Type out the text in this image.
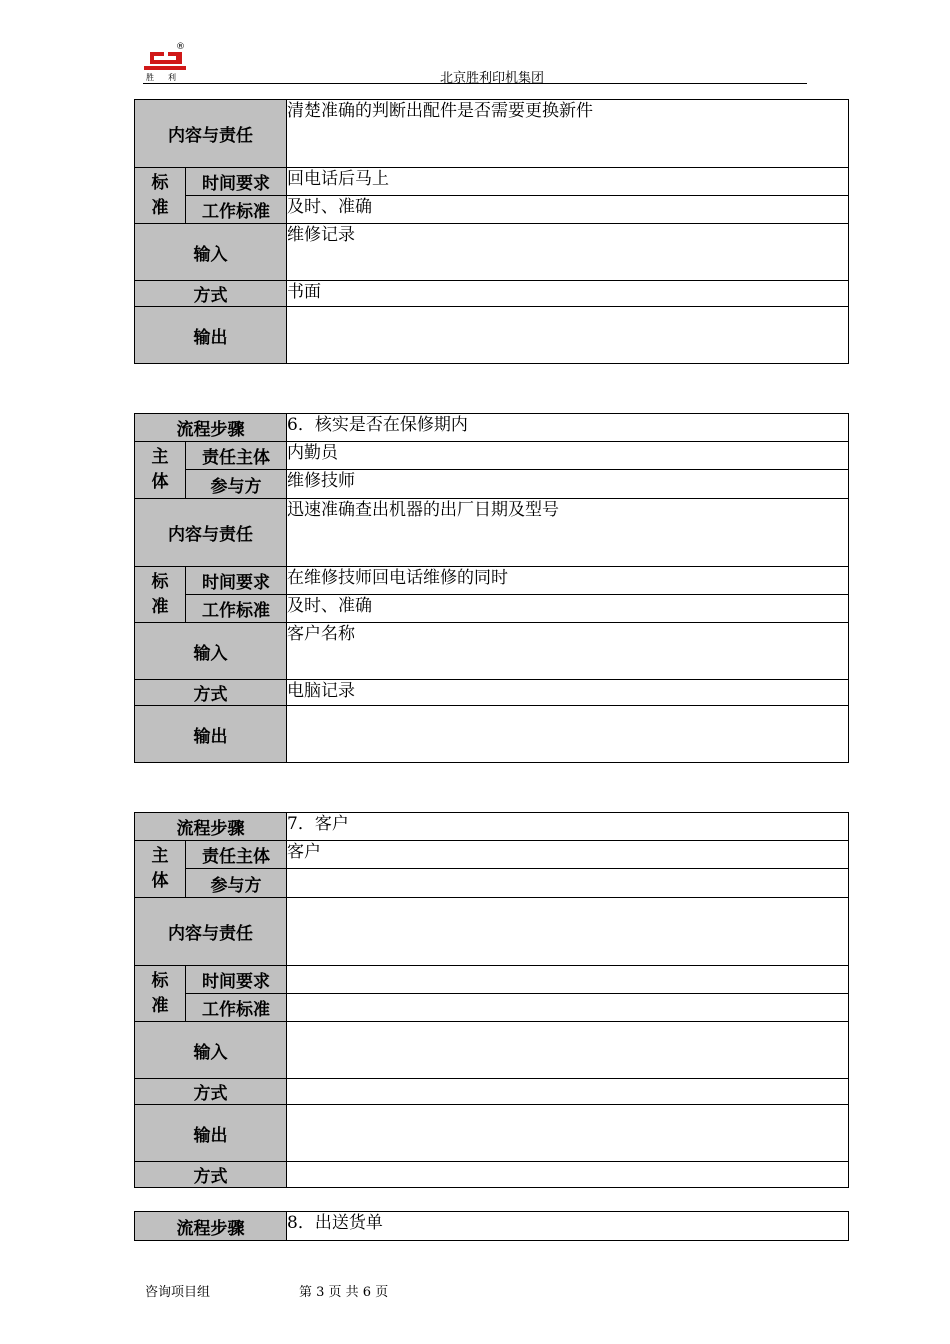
胜利
®
北京胜利印机集团
内容与责任		清楚准确的判断出配件是否需要更换新件
标
准	时间要求	回电话后马上
	工作标准	及时、准确
输入		维修记录
方式		书面
输出		
流程步骤		6．核实是否在保修期内
主
体	责任主体	内勤员
	参与方	维修技师
内容与责任		迅速准确查出机器的出厂日期及型号
标
准	时间要求	在维修技师回电话维修的同时
	工作标准	及时、准确
输入		客户名称
方式		电脑记录
输出		
流程步骤		7．客户
主
体	责任主体	客户
	参与方	
内容与责任		
标
准	时间要求	
	工作标准	
输入		
方式		
输出		
方式		
流程步骤	8．出送货单
咨询项目组	第 3 页 共 6 页
